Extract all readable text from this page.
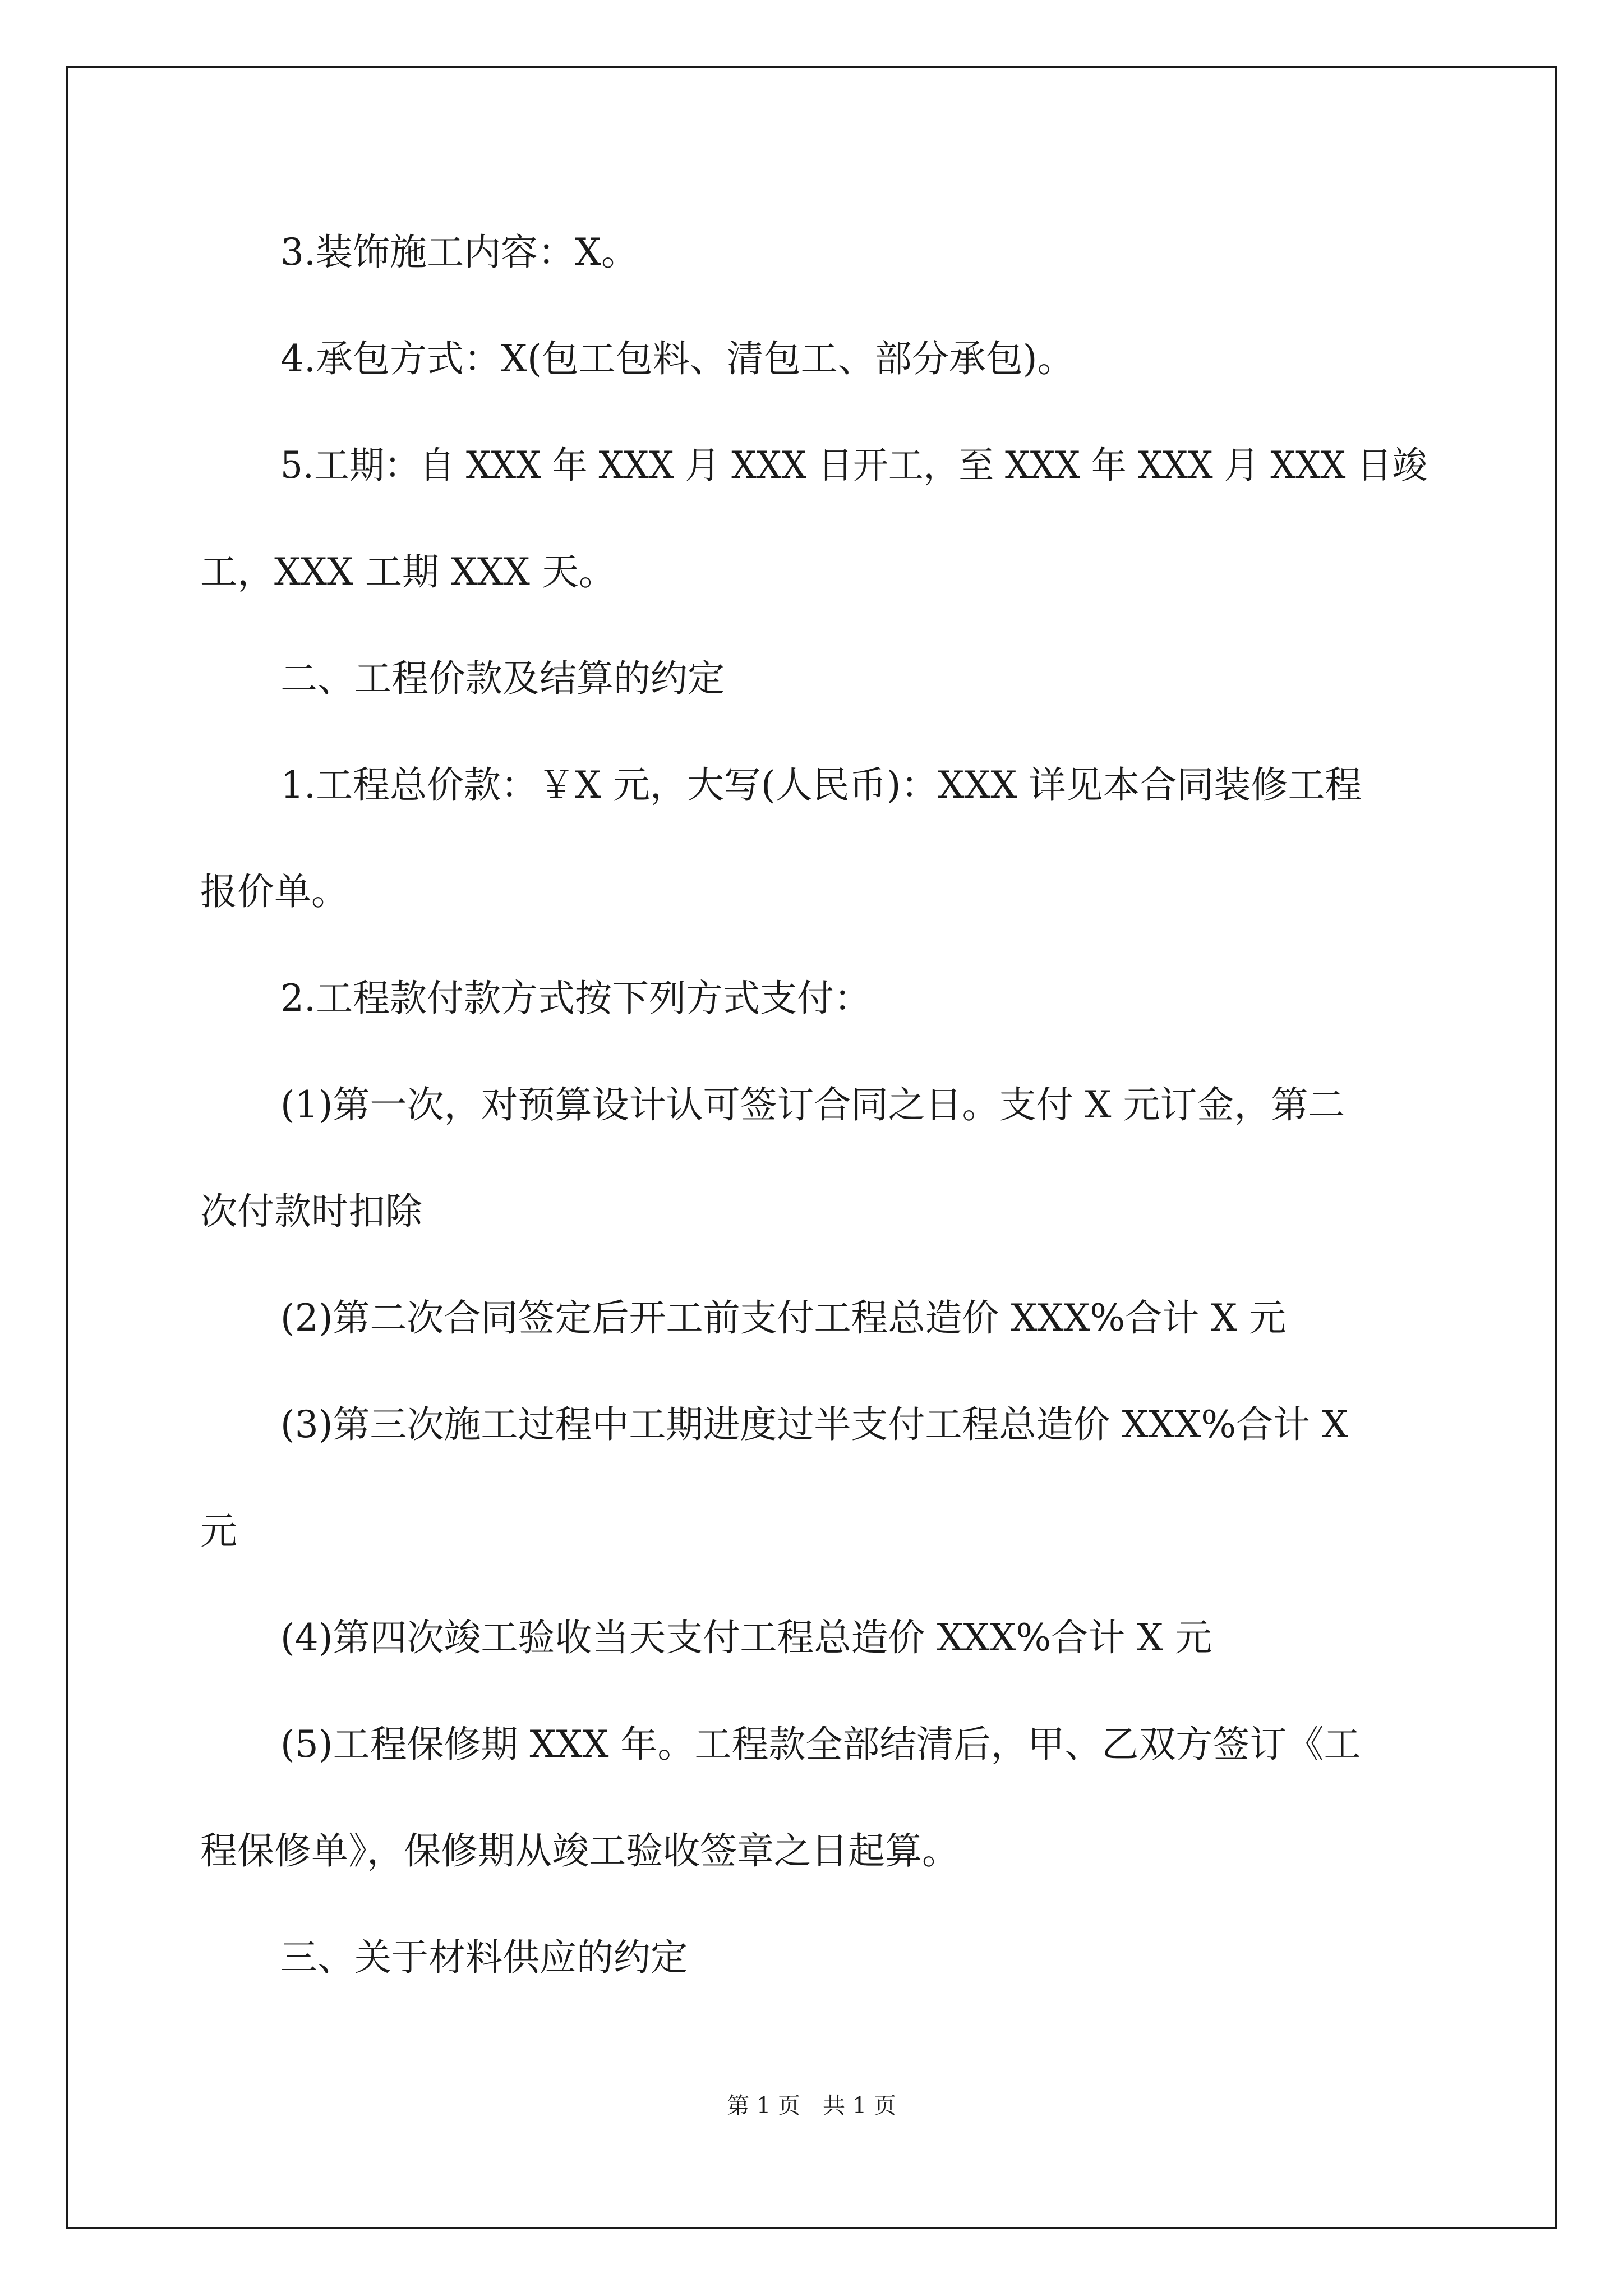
3.装饰施工内容：X。
4.承包方式：X(包工包料、清包工、部分承包)。
5.工期：自 XXX 年 XXX 月 XXX 日开工，至 XXX 年 XXX 月 XXX 日竣
工，XXX 工期 XXX 天。
二、工程价款及结算的约定
1.工程总价款：￥X 元，大写(人民币)：XXX 详见本合同装修工程
报价单。
2.工程款付款方式按下列方式支付：
(1)第一次，对预算设计认可签订合同之日。支付 X 元订金，第二
次付款时扣除
(2)第二次合同签定后开工前支付工程总造价 XXX%合计 X 元
(3)第三次施工过程中工期进度过半支付工程总造价 XXX%合计 X
元
(4)第四次竣工验收当天支付工程总造价 XXX%合计 X 元
(5)工程保修期 XXX 年。工程款全部结清后，甲、乙双方签订《工
程保修单》，保修期从竣工验收签章之日起算。
三、关于材料供应的约定
第 1 页　共 1 页
